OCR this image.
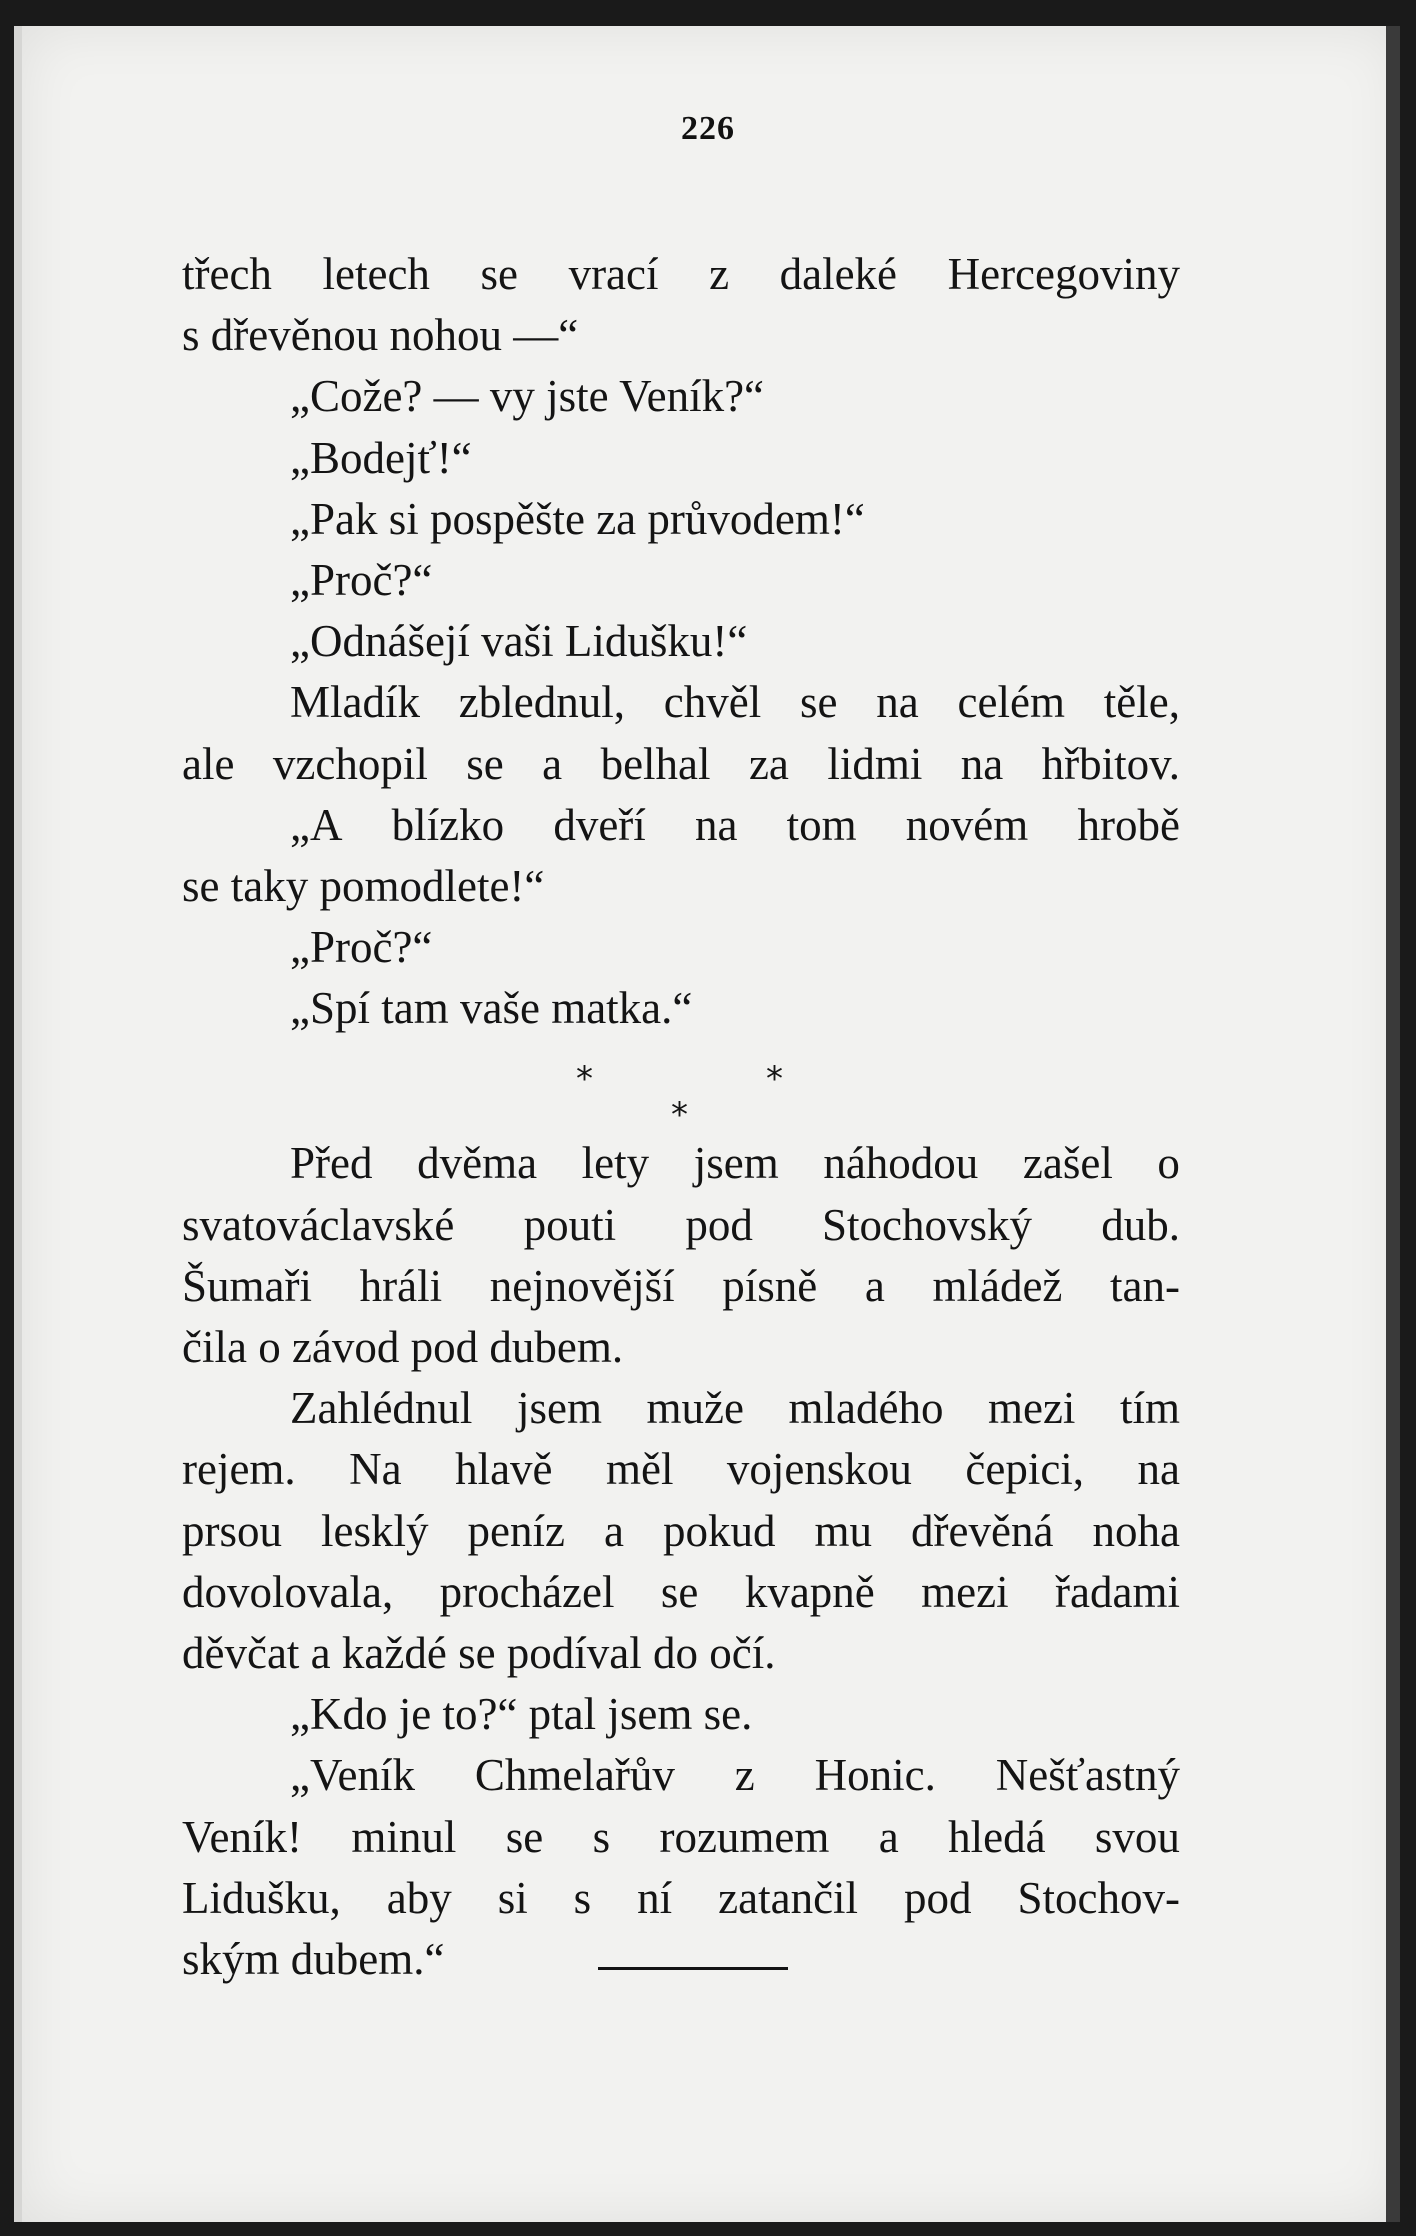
226
třech letech se vrací z daleké Hercegoviny
s dřevěnou nohou —“
„Cože? — vy jste Veník?“
„Bodejť!“
„Pak si pospěšte za průvodem!“
„Proč?“
„Odnášejí vaši Lidušku!“
Mladík zblednul, chvěl se na celém těle,
ale vzchopil se a belhal za lidmi na hřbitov.
„A blízko dveří na tom novém hrobě
se taky pomodlete!“
„Proč?“
„Spí tam vaše matka.“
*	*
*
Před dvěma lety jsem náhodou zašel o
svatováclavské pouti pod Stochovský dub.
Šumaři hráli nejnovější písně a mládež tan-
čila o závod pod dubem.
Zahlédnul jsem muže mladého mezi tím
rejem. Na hlavě měl vojenskou čepici, na
prsou lesklý peníz a pokud mu dřevěná noha
dovolovala, procházel se kvapně mezi řadami
děvčat a každé se podíval do očí.
„Kdo je to?“ ptal jsem se.
„Veník Chmelařův z Honic. Nešťastný
Veník! minul se s rozumem a hledá svou
Lidušku, aby si s ní zatančil pod Stochov-
ským dubem.“
